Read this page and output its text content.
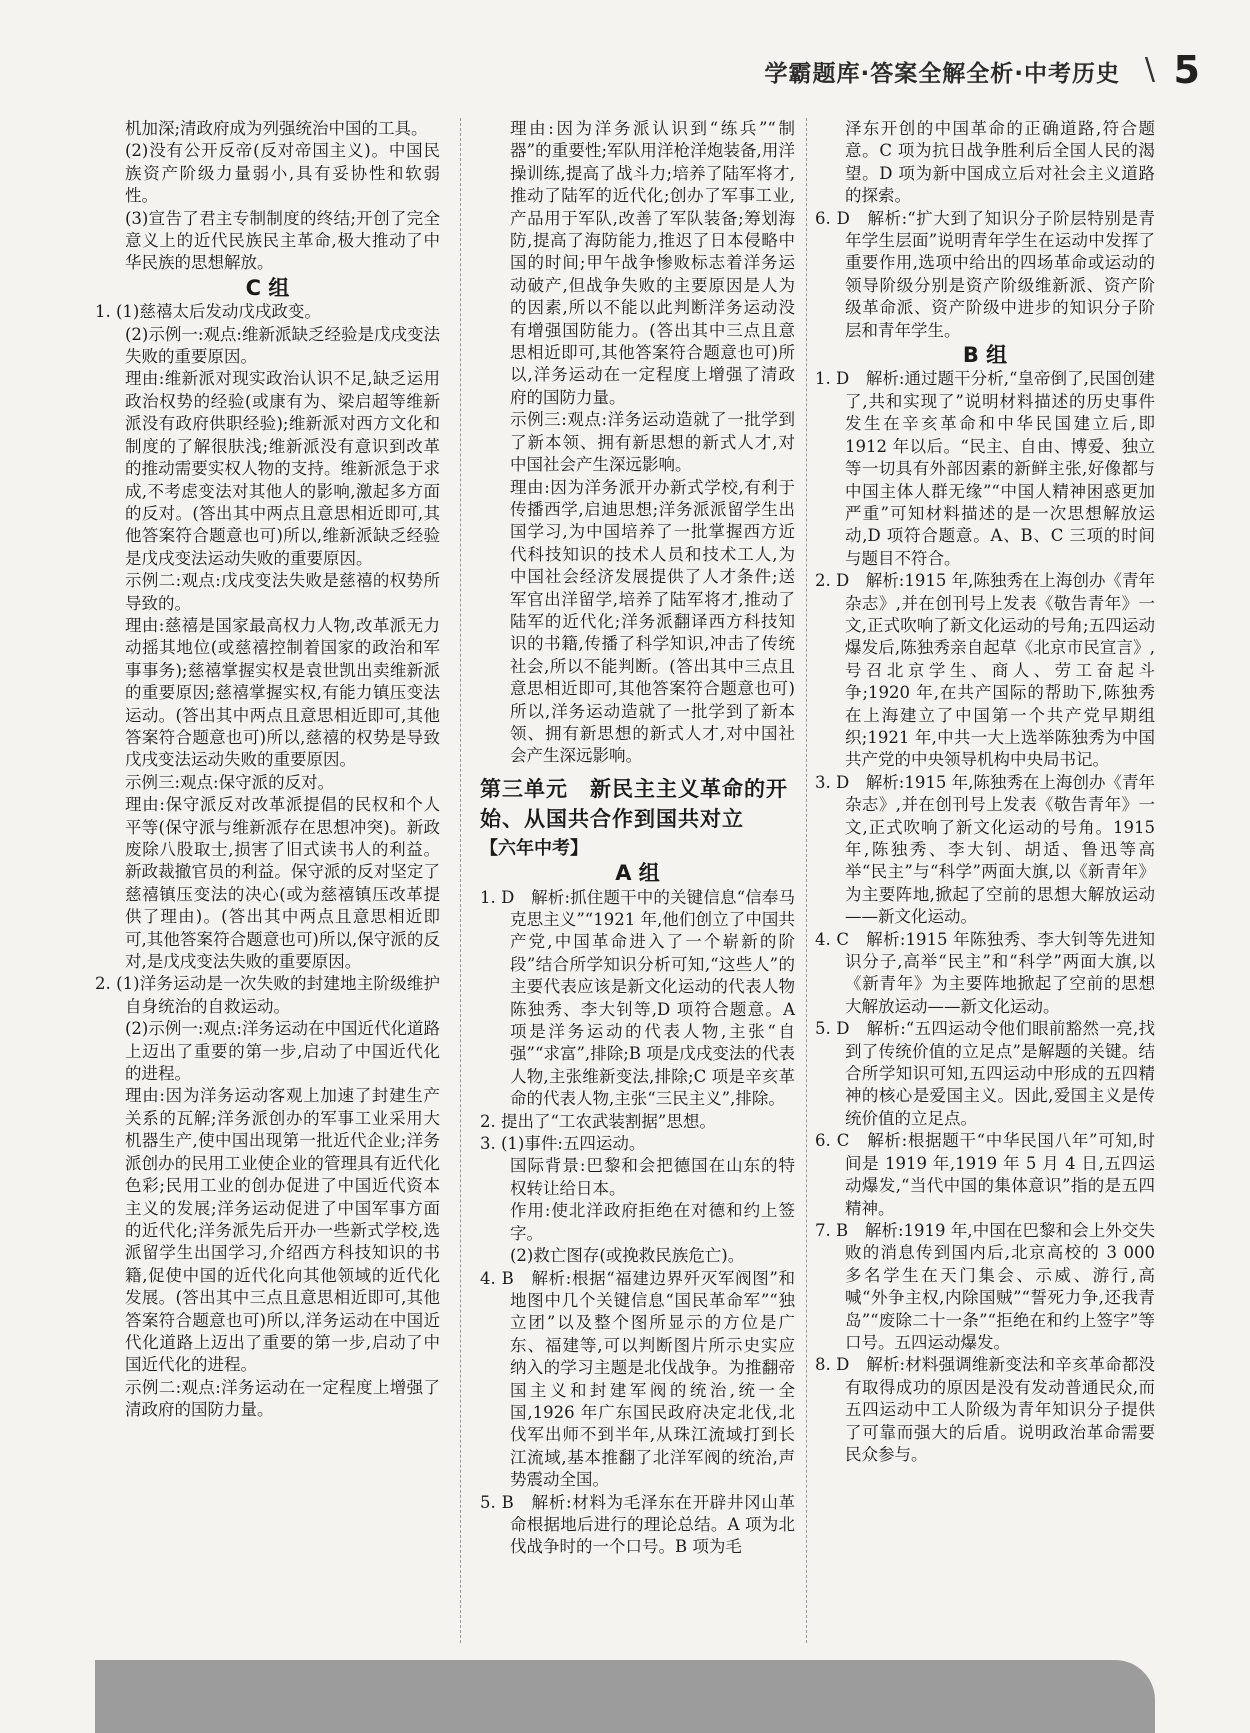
学霸题库·答案全解全析·中考历史 \ 5

机加深;清政府成为列强统治中国的工具。

(2)没有公开反帝(反对帝国主义)。中国民族资产阶级力量弱小,具有妥协性和软弱性。

(3)宣告了君主专制制度的终结;开创了完全意义上的近代民族民主革命,极大推动了中华民族的思想解放。

C 组

1. (1)慈禧太后发动戊戌政变。

(2)示例一:观点:维新派缺乏经验是戊戌变法失败的重要原因。

理由:维新派对现实政治认识不足,缺乏运用政治权势的经验(或康有为、梁启超等维新派没有政府供职经验);维新派对西方文化和制度的了解很肤浅;维新派没有意识到改革的推动需要实权人物的支持。维新派急于求成,不考虑变法对其他人的影响,激起多方面的反对。(答出其中两点且意思相近即可,其他答案符合题意也可)所以,维新派缺乏经验是戊戌变法运动失败的重要原因。

示例二:观点:戊戌变法失败是慈禧的权势所导致的。

理由:慈禧是国家最高权力人物,改革派无力动摇其地位(或慈禧控制着国家的政治和军事事务);慈禧掌握实权是袁世凯出卖维新派的重要原因;慈禧掌握实权,有能力镇压变法运动。(答出其中两点且意思相近即可,其他答案符合题意也可)所以,慈禧的权势是导致戊戌变法运动失败的重要原因。

示例三:观点:保守派的反对。

理由:保守派反对改革派提倡的民权和个人平等(保守派与维新派存在思想冲突)。新政废除八股取士,损害了旧式读书人的利益。新政裁撤官员的利益。保守派的反对坚定了慈禧镇压变法的决心(或为慈禧镇压改革提供了理由)。(答出其中两点且意思相近即可,其他答案符合题意也可)所以,保守派的反对,是戊戌变法失败的重要原因。

2. (1)洋务运动是一次失败的封建地主阶级维护自身统治的自救运动。

(2)示例一:观点:洋务运动在中国近代化道路上迈出了重要的第一步,启动了中国近代化的进程。

理由:因为洋务运动客观上加速了封建生产关系的瓦解;洋务派创办的军事工业采用大机器生产,使中国出现第一批近代企业;洋务派创办的民用工业使企业的管理具有近代化色彩;民用工业的创办促进了中国近代资本主义的发展;洋务运动促进了中国军事方面的近代化;洋务派先后开办一些新式学校,选派留学生出国学习,介绍西方科技知识的书籍,促使中国的近代化向其他领域的近代化发展。(答出其中三点且意思相近即可,其他答案符合题意也可)所以,洋务运动在中国近代化道路上迈出了重要的第一步,启动了中国近代化的进程。

示例二:观点:洋务运动在一定程度上增强了清政府的国防力量。

理由:因为洋务派认识到“练兵”“制器”的重要性;军队用洋枪洋炮装备,用洋操训练,提高了战斗力;培养了陆军将才,推动了陆军的近代化;创办了军事工业,产品用于军队,改善了军队装备;筹划海防,提高了海防能力,推迟了日本侵略中国的时间;甲午战争惨败标志着洋务运动破产,但战争失败的主要原因是人为的因素,所以不能以此判断洋务运动没有增强国防能力。(答出其中三点且意思相近即可,其他答案符合题意也可)所以,洋务运动在一定程度上增强了清政府的国防力量。

示例三:观点:洋务运动造就了一批学到了新本领、拥有新思想的新式人才,对中国社会产生深远影响。

理由:因为洋务派开办新式学校,有利于传播西学,启迪思想;洋务派派留学生出国学习,为中国培养了一批掌握西方近代科技知识的技术人员和技术工人,为中国社会经济发展提供了人才条件;送军官出洋留学,培养了陆军将才,推动了陆军的近代化;洋务派翻译西方科技知识的书籍,传播了科学知识,冲击了传统社会,所以不能判断。(答出其中三点且意思相近即可,其他答案符合题意也可)所以,洋务运动造就了一批学到了新本领、拥有新思想的新式人才,对中国社会产生深远影响。

第三单元　新民主主义革命的开始、从国共合作到国共对立

【六年中考】

A 组

1. D　解析:抓住题干中的关键信息“信奉马克思主义”“1921 年,他们创立了中国共产党,中国革命进入了一个崭新的阶段”结合所学知识分析可知,“这些人”的主要代表应该是新文化运动的代表人物陈独秀、李大钊等,D 项符合题意。A 项是洋务运动的代表人物,主张“自强”“求富”,排除;B 项是戊戌变法的代表人物,主张维新变法,排除;C 项是辛亥革命的代表人物,主张“三民主义”,排除。

2. 提出了“工农武装割据”思想。

3. (1)事件:五四运动。

国际背景:巴黎和会把德国在山东的特权转让给日本。

作用:使北洋政府拒绝在对德和约上签字。

(2)救亡图存(或挽救民族危亡)。

4. B　解析:根据“福建边界歼灭军阀图”和地图中几个关键信息“国民革命军”“独立团”以及整个图所显示的方位是广东、福建等,可以判断图片所示史实应纳入的学习主题是北伐战争。为推翻帝国主义和封建军阀的统治,统一全国,1926 年广东国民政府决定北伐,北伐军出师不到半年,从珠江流域打到长江流域,基本推翻了北洋军阀的统治,声势震动全国。

5. B　解析:材料为毛泽东在开辟井冈山革命根据地后进行的理论总结。A 项为北伐战争时的一个口号。B 项为毛

泽东开创的中国革命的正确道路,符合题意。C 项为抗日战争胜利后全国人民的渴望。D 项为新中国成立后对社会主义道路的探索。

6. D　解析:“扩大到了知识分子阶层特别是青年学生层面”说明青年学生在运动中发挥了重要作用,选项中给出的四场革命或运动的领导阶级分别是资产阶级维新派、资产阶级革命派、资产阶级中进步的知识分子阶层和青年学生。

B 组

1. D　解析:通过题干分析,“皇帝倒了,民国创建了,共和实现了”说明材料描述的历史事件发生在辛亥革命和中华民国建立后,即 1912 年以后。“民主、自由、博爱、独立等一切具有外部因素的新鲜主张,好像都与中国主体人群无缘”“中国人精神困惑更加严重”可知材料描述的是一次思想解放运动,D 项符合题意。A、B、C 三项的时间与题目不符合。

2. D　解析:1915 年,陈独秀在上海创办《青年杂志》,并在创刊号上发表《敬告青年》一文,正式吹响了新文化运动的号角;五四运动爆发后,陈独秀亲自起草《北京市民宣言》,号召北京学生、商人、劳工奋起斗争;1920 年,在共产国际的帮助下,陈独秀在上海建立了中国第一个共产党早期组织;1921 年,中共一大上选举陈独秀为中国共产党的中央领导机构中央局书记。

3. D　解析:1915 年,陈独秀在上海创办《青年杂志》,并在创刊号上发表《敬告青年》一文,正式吹响了新文化运动的号角。1915 年,陈独秀、李大钊、胡适、鲁迅等高举“民主”与“科学”两面大旗,以《新青年》为主要阵地,掀起了空前的思想大解放运动——新文化运动。

4. C　解析:1915 年陈独秀、李大钊等先进知识分子,高举“民主”和“科学”两面大旗,以《新青年》为主要阵地掀起了空前的思想大解放运动——新文化运动。

5. D　解析:“五四运动令他们眼前豁然一亮,找到了传统价值的立足点”是解题的关键。结合所学知识可知,五四运动中形成的五四精神的核心是爱国主义。因此,爱国主义是传统价值的立足点。

6. C　解析:根据题干“中华民国八年”可知,时间是 1919 年,1919 年 5 月 4 日,五四运动爆发,“当代中国的集体意识”指的是五四精神。

7. B　解析:1919 年,中国在巴黎和会上外交失败的消息传到国内后,北京高校的 3 000 多名学生在天门集会、示威、游行,高喊“外争主权,内除国贼”“誓死力争,还我青岛”“废除二十一条”“拒绝在和约上签字”等口号。五四运动爆发。

8. D　解析:材料强调维新变法和辛亥革命都没有取得成功的原因是没有发动普通民众,而五四运动中工人阶级为青年知识分子提供了可靠而强大的后盾。说明政治革命需要民众参与。
